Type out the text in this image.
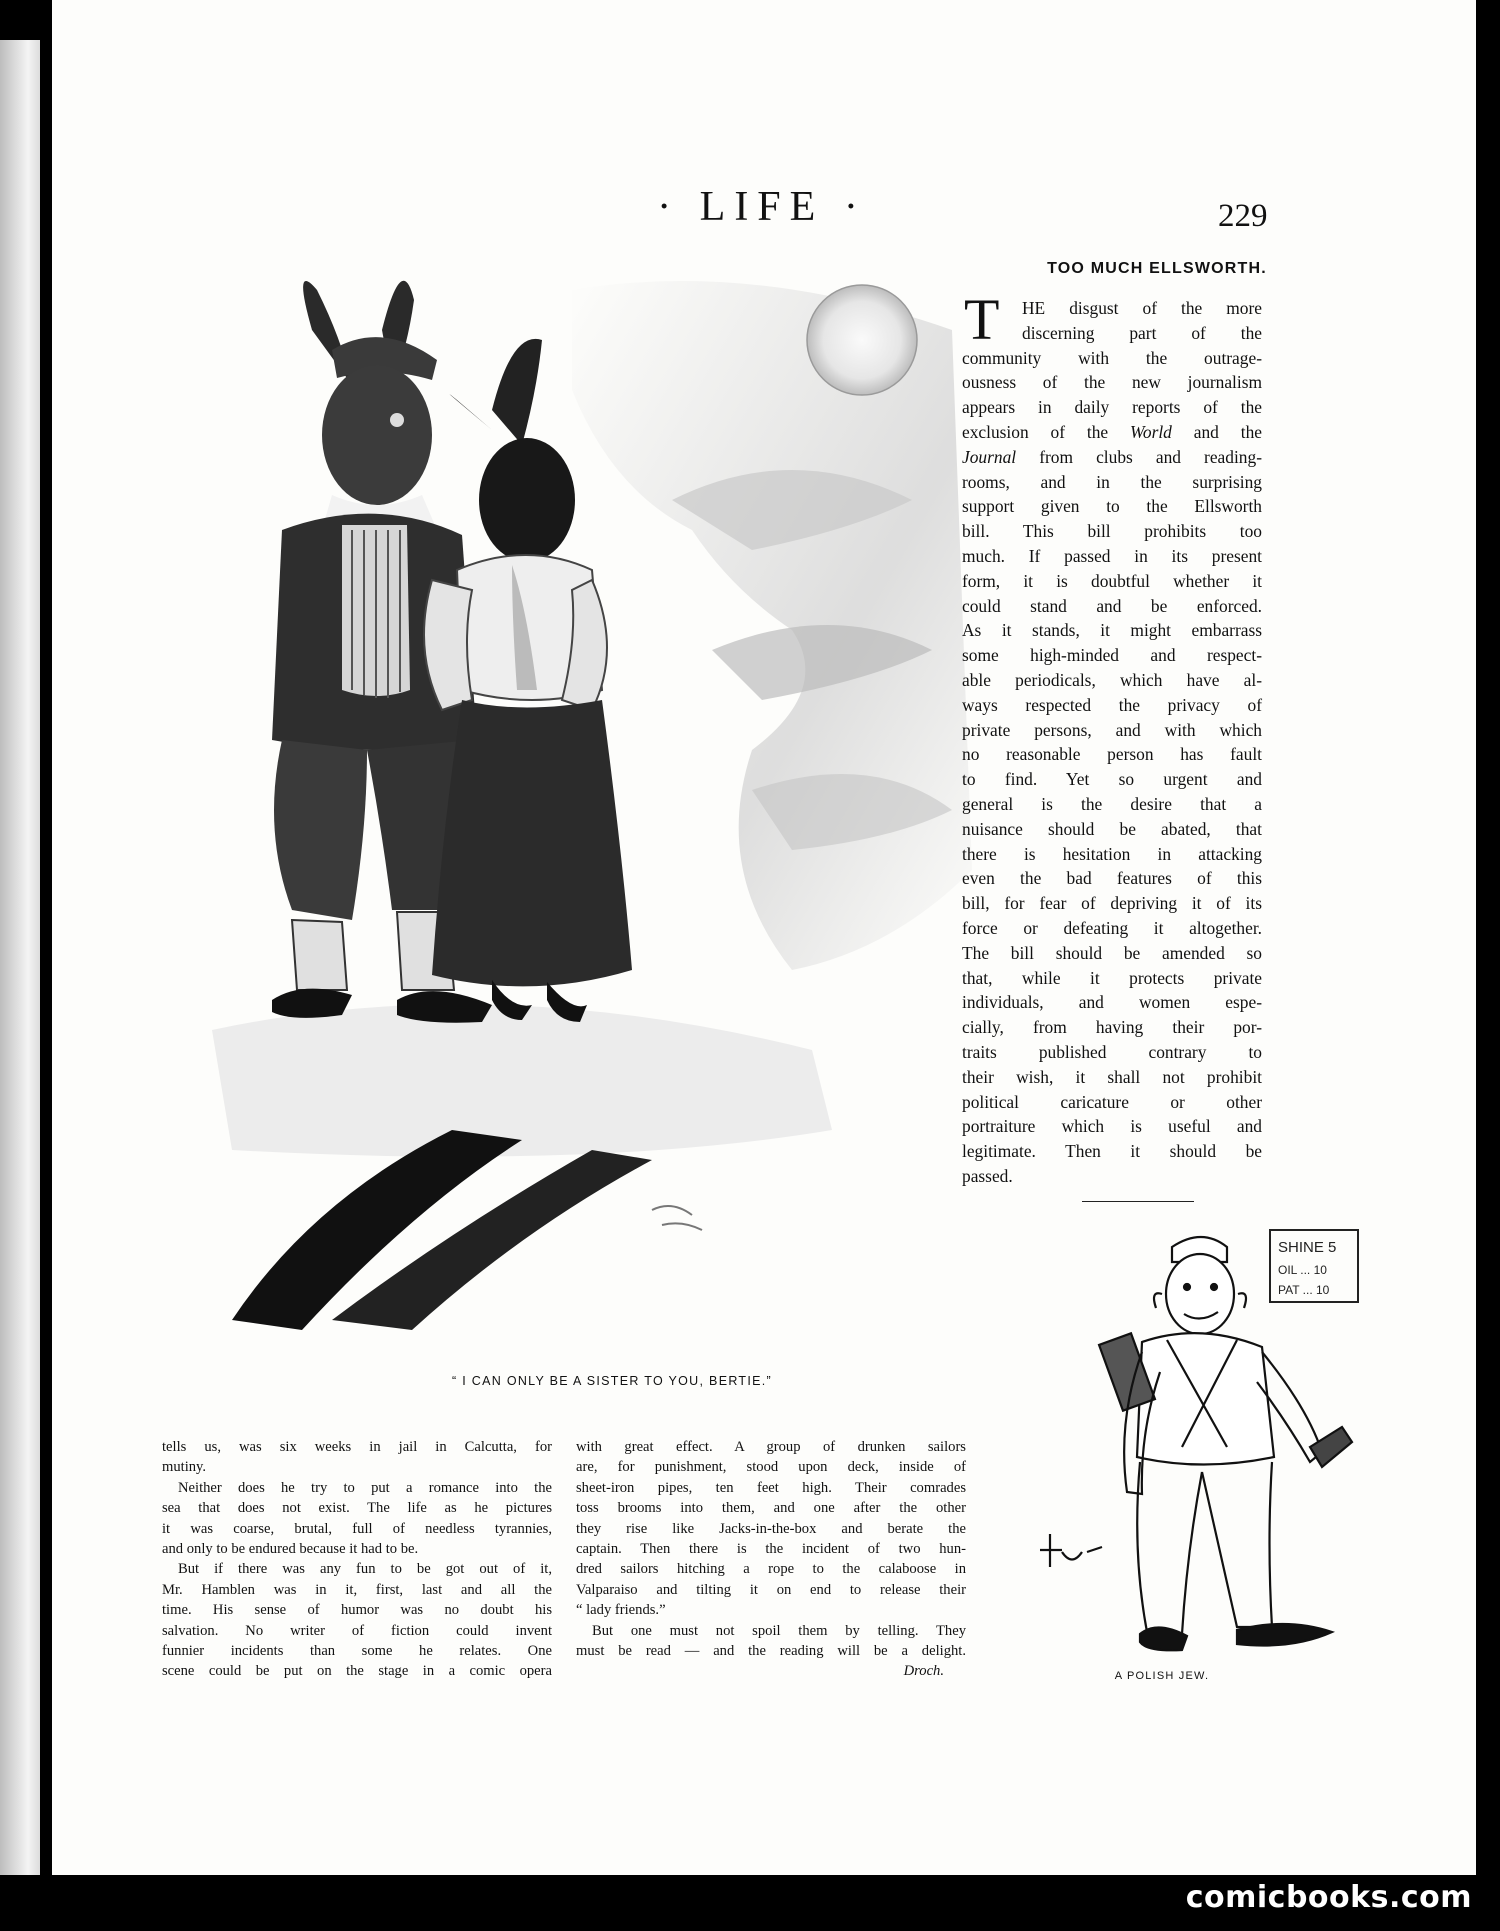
· LIFE ·	229
“ I CAN ONLY BE A SISTER TO YOU, BERTIE.”
TOO MUCH ELLSWORTH.
T	HE disgust of the more
discerning part of the
community with the outrage-
ousness of the new journalism
appears in daily reports of the
exclusion of the World and the
Journal from clubs and reading-
rooms, and in the surprising
support given to the Ellsworth
bill. This bill prohibits too
much. If passed in its present
form, it is doubtful whether it
could stand and be enforced.
As it stands, it might embarrass
some high-minded and respect-
able periodicals, which have al-
ways respected the privacy of
private persons, and with which
no reasonable person has fault
to find. Yet so urgent and
general is the desire that a
nuisance should be abated, that
there is hesitation in attacking
even the bad features of this
bill, for fear of depriving it of its
force or defeating it altogether.
The bill should be amended so
that, while it protects private
individuals, and women espe-
cially, from having their por-
traits published contrary to
their wish, it shall not prohibit
political caricature or other
portraiture which is useful and
legitimate. Then it should be
passed.
SHINE 5
OIL ... 10
PAT ... 10
A POLISH JEW.
tells us, was six weeks in jail in Calcutta, for
mutiny.
Neither does he try to put a romance into the
sea that does not exist. The life as he pictures
it was coarse, brutal, full of needless tyrannies,
and only to be endured because it had to be.
But if there was any fun to be got out of it,
Mr. Hamblen was in it, first, last and all the
time. His sense of humor was no doubt his
salvation. No writer of fiction could invent
funnier incidents than some he relates. One
scene could be put on the stage in a comic opera
with great effect. A group of drunken sailors
are, for punishment, stood upon deck, inside of
sheet-iron pipes, ten feet high. Their comrades
toss brooms into them, and one after the other
they rise like Jacks-in-the-box and berate the
captain. Then there is the incident of two hun-
dred sailors hitching a rope to the calaboose in
Valparaiso and tilting it on end to release their
“ lady friends.”
But one must not spoil them by telling. They
must be read — and the reading will be a delight.
Droch.
comicbooks.com
